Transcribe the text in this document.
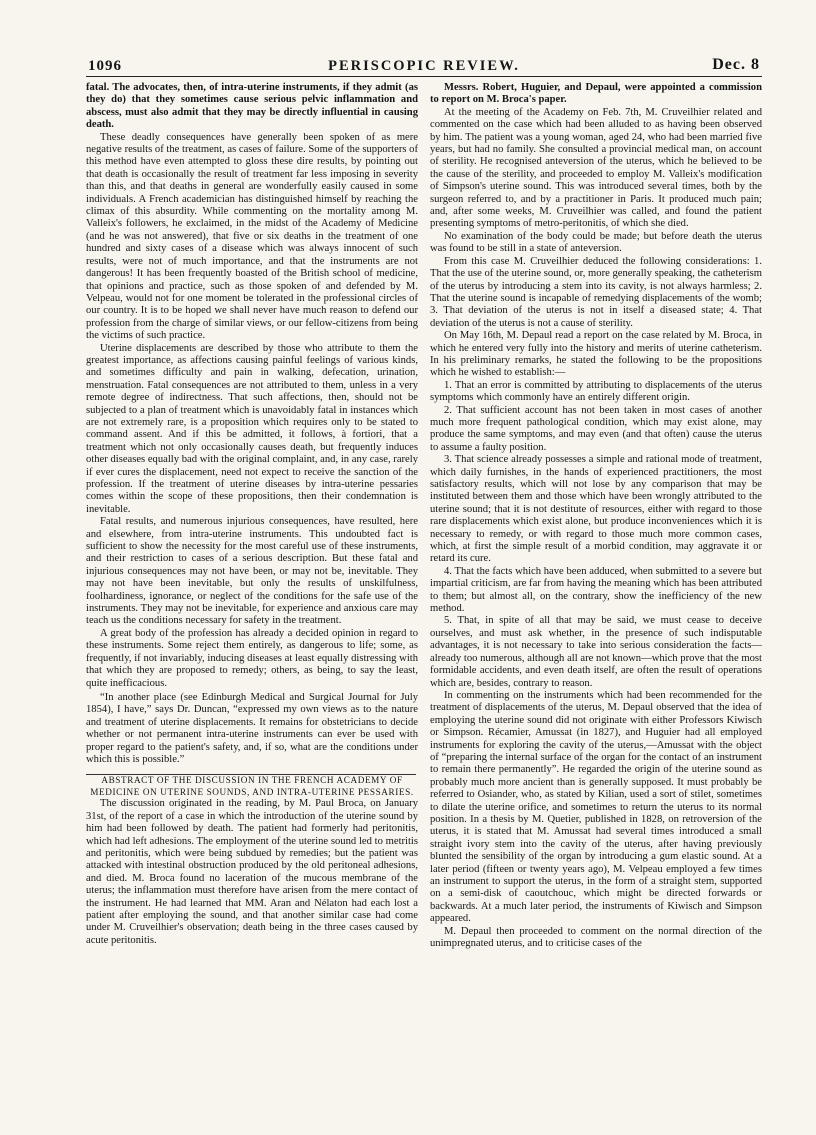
1096	PERISCOPIC REVIEW.	Dec. 8

fatal. The advocates, then, of intra-uterine instruments, if they admit (as they do) that they sometimes cause serious pelvic inflammation and abscess, must also admit that they may be directly influential in causing death.

These deadly consequences have generally been spoken of as mere negative results of the treatment, as cases of failure. Some of the supporters of this method have even attempted to gloss these dire results, by pointing out that death is occasionally the result of treatment far less imposing in severity than this, and that deaths in general are wonderfully easily caused in some individuals. A French academician has distinguished himself by reaching the climax of this absurdity. While commenting on the mortality among M. Valleix's followers, he exclaimed, in the midst of the Academy of Medicine (and he was not answered), that five or six deaths in the treatment of one hundred and sixty cases of a disease which was always innocent of such results, were not of much importance, and that the instruments are not dangerous! It has been frequently boasted of the British school of medicine, that opinions and practice, such as those spoken of and defended by M. Velpeau, would not for one moment be tolerated in the professional circles of our country. It is to be hoped we shall never have much reason to defend our profession from the charge of similar views, or our fellow-citizens from being the victims of such practice.

Uterine displacements are described by those who attribute to them the greatest importance, as affections causing painful feelings of various kinds, and sometimes difficulty and pain in walking, defecation, urination, menstruation. Fatal consequences are not attributed to them, unless in a very remote degree of indirectness. That such affections, then, should not be subjected to a plan of treatment which is unavoidably fatal in instances which are not extremely rare, is a proposition which requires only to be stated to command assent. And if this be admitted, it follows, à fortiori, that a treatment which not only occasionally causes death, but frequently induces other diseases equally bad with the original complaint, and, in any case, rarely if ever cures the displacement, need not expect to receive the sanction of the profession. If the treatment of uterine diseases by intra-uterine pessaries comes within the scope of these propositions, then their condemnation is inevitable.

Fatal results, and numerous injurious consequences, have resulted, here and elsewhere, from intra-uterine instruments. This undoubted fact is sufficient to show the necessity for the most careful use of these instruments, and their restriction to cases of a serious description. But these fatal and injurious consequences may not have been, or may not be, inevitable. They may not have been inevitable, but only the results of unskilfulness, foolhardiness, ignorance, or neglect of the conditions for the safe use of the instruments. They may not be inevitable, for experience and anxious care may teach us the conditions necessary for safety in the treatment.

A great body of the profession has already a decided opinion in regard to these instruments. Some reject them entirely, as dangerous to life; some, as frequently, if not invariably, inducing diseases at least equally distressing with that which they are proposed to remedy; others, as being, to say the least, quite inefficacious.

“In another place (see Edinburgh Medical and Surgical Journal for July 1854), I have,” says Dr. Duncan, “expressed my own views as to the nature and treatment of uterine displacements. It remains for obstetricians to decide whether or not permanent intra-uterine instruments can ever be used with proper regard to the patient's safety, and, if so, what are the conditions under which this is possible.”

ABSTRACT OF THE DISCUSSION IN THE FRENCH ACADEMY OF MEDICINE ON UTERINE SOUNDS, AND INTRA-UTERINE PESSARIES.

The discussion originated in the reading, by M. Paul Broca, on January 31st, of the report of a case in which the introduction of the uterine sound by him had been followed by death. The patient had formerly had peritonitis, which had left adhesions. The employment of the uterine sound led to metritis and peritonitis, which were being subdued by remedies; but the patient was attacked with intestinal obstruction produced by the old peritoneal adhesions, and died. M. Broca found no laceration of the mucous membrane of the uterus; the inflammation must therefore have arisen from the mere contact of the instrument. He had learned that MM. Aran and Nélaton had each lost a patient after employing the sound, and that another similar case had come under M. Cruveilhier's observation; death being in the three cases caused by acute peritonitis.

Messrs. Robert, Huguier, and Depaul, were appointed a commission to report on M. Broca's paper.

At the meeting of the Academy on Feb. 7th, M. Cruveilhier related and commented on the case which had been alluded to as having been observed by him. The patient was a young woman, aged 24, who had been married five years, but had no family. She consulted a provincial medical man, on account of sterility. He recognised anteversion of the uterus, which he believed to be the cause of the sterility, and proceeded to employ M. Valleix's modification of Simpson's uterine sound. This was introduced several times, both by the surgeon referred to, and by a practitioner in Paris. It produced much pain; and, after some weeks, M. Cruveilhier was called, and found the patient presenting symptoms of metro-peritonitis, of which she died.

No examination of the body could be made; but before death the uterus was found to be still in a state of anteversion.

From this case M. Cruveilhier deduced the following considerations: 1. That the use of the uterine sound, or, more generally speaking, the catheterism of the uterus by introducing a stem into its cavity, is not always harmless; 2. That the uterine sound is incapable of remedying displacements of the womb; 3. That deviation of the uterus is not in itself a diseased state; 4. That deviation of the uterus is not a cause of sterility.

On May 16th, M. Depaul read a report on the case related by M. Broca, in which he entered very fully into the history and merits of uterine catheterism. In his preliminary remarks, he stated the following to be the propositions which he wished to establish:—

1. That an error is committed by attributing to displacements of the uterus symptoms which commonly have an entirely different origin.

2. That sufficient account has not been taken in most cases of another much more frequent pathological condition, which may exist alone, may produce the same symptoms, and may even (and that often) cause the uterus to assume a faulty position.

3. That science already possesses a simple and rational mode of treatment, which daily furnishes, in the hands of experienced practitioners, the most satisfactory results, which will not lose by any comparison that may be instituted between them and those which have been wrongly attributed to the uterine sound; that it is not destitute of resources, either with regard to those rare displacements which exist alone, but produce inconveniences which it is necessary to remedy, or with regard to those much more common cases, which, at first the simple result of a morbid condition, may aggravate it or retard its cure.

4. That the facts which have been adduced, when submitted to a severe but impartial criticism, are far from having the meaning which has been attributed to them; but almost all, on the contrary, show the inefficiency of the new method.

5. That, in spite of all that may be said, we must cease to deceive ourselves, and must ask whether, in the presence of such indisputable advantages, it is not necessary to take into serious consideration the facts—already too numerous, although all are not known—which prove that the most formidable accidents, and even death itself, are often the result of operations which are, besides, contrary to reason.

In commenting on the instruments which had been recommended for the treatment of displacements of the uterus, M. Depaul observed that the idea of employing the uterine sound did not originate with either Professors Kiwisch or Simpson. Récamier, Amussat (in 1827), and Huguier had all employed instruments for exploring the cavity of the uterus,—Amussat with the object of “preparing the internal surface of the organ for the contact of an instrument to remain there permanently”. He regarded the origin of the uterine sound as probably much more ancient than is generally supposed. It must probably be referred to Osiander, who, as stated by Kilian, used a sort of stilet, sometimes to dilate the uterine orifice, and sometimes to return the uterus to its normal position. In a thesis by M. Quetier, published in 1828, on retroversion of the uterus, it is stated that M. Amussat had several times introduced a small straight ivory stem into the cavity of the uterus, after having previously blunted the sensibility of the organ by introducing a gum elastic sound. At a later period (fifteen or twenty years ago), M. Velpeau employed a few times an instrument to support the uterus, in the form of a straight stem, supported on a semi-disk of caoutchouc, which might be directed forwards or backwards. At a much later period, the instruments of Kiwisch and Simpson appeared.

M. Depaul then proceeded to comment on the normal direction of the unimpregnated uterus, and to criticise cases of the
